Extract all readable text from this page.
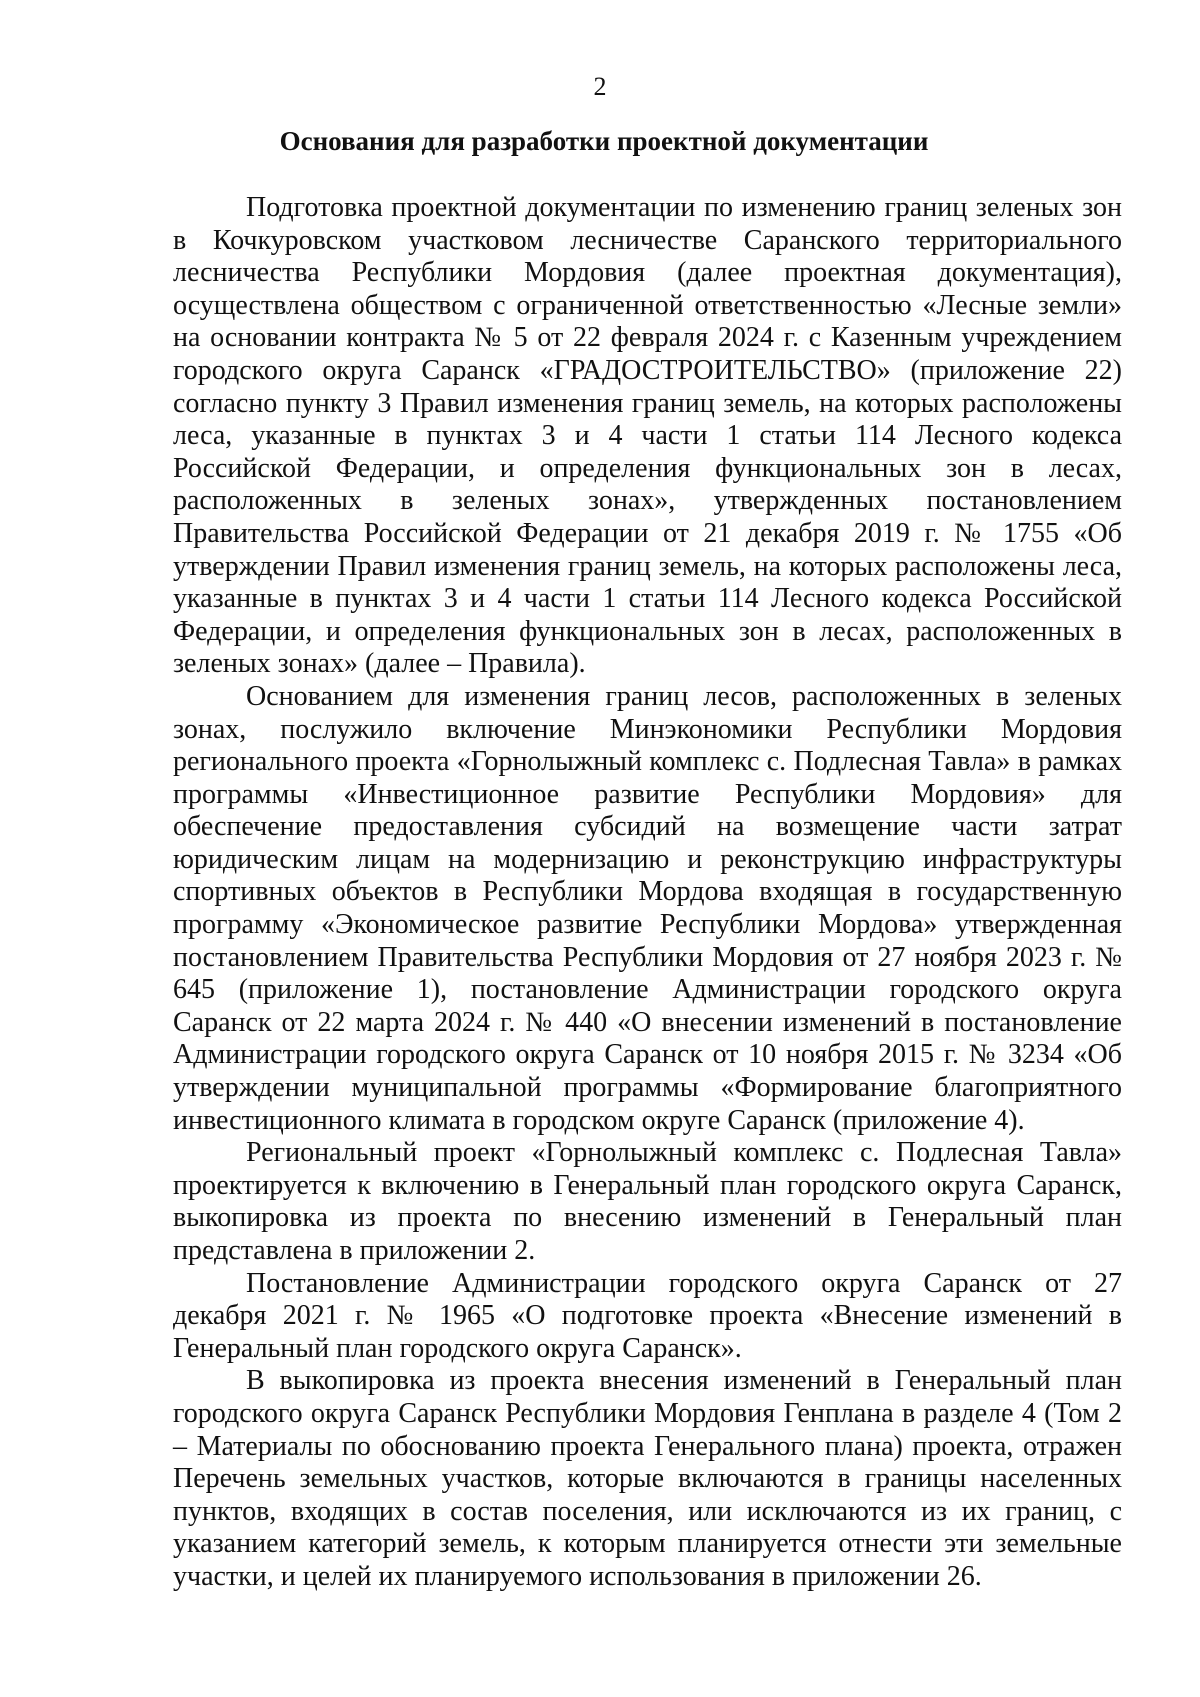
2
Основания для разработки проектной документации

Подготовка проектной документации по изменению границ зеленых зон в Кочкуровском участковом лесничестве Саранского территориального лесничества Республики Мордовия (далее проектная документация), осуществлена обществом с ограниченной ответственностью «Лесные земли» на основании контракта № 5 от 22 февраля 2024 г. с Казенным учреждением городского округа Саранск «ГРАДОСТРОИТЕЛЬСТВО» (приложение 22) согласно пункту 3 Правил изменения границ земель, на которых расположены леса, указанные в пунктах 3 и 4 части 1 статьи 114 Лесного кодекса Российской Федерации, и определения функциональных зон в лесах, расположенных в зеленых зонах», утвержденных постановлением Правительства Российской Федерации от 21 декабря 2019 г. № 1755 «Об утверждении Правил изменения границ земель, на которых расположены леса, указанные в пунктах 3 и 4 части 1 статьи 114 Лесного кодекса Российской Федерации, и определения функциональных зон в лесах, расположенных в зеленых зонах» (далее – Правила).

Основанием для изменения границ лесов, расположенных в зеленых зонах, послужило включение Минэкономики Республики Мордовия регионального проекта «Горнолыжный комплекс с. Подлесная Тавла» в рамках программы «Инвестиционное развитие Республики Мордовия» для обеспечение предоставления субсидий на возмещение части затрат юридическим лицам на модернизацию и реконструкцию инфраструктуры спортивных объектов в Республики Мордова входящая в государственную программу «Экономическое развитие Республики Мордова» утвержденная постановлением Правительства Республики Мордовия от 27 ноября 2023 г. № 645 (приложение 1), постановление Администрации городского округа Саранск от 22 марта 2024 г. № 440 «О внесении изменений в постановление Администрации городского округа Саранск от 10 ноября 2015 г. № 3234 «Об утверждении муниципальной программы «Формирование благоприятного инвестиционного климата в городском округе Саранск (приложение 4).

Региональный проект «Горнолыжный комплекс с. Подлесная Тавла» проектируется к включению в Генеральный план городского округа Саранск, выкопировка из проекта по внесению изменений в Генеральный план представлена в приложении 2.

Постановление Администрации городского округа Саранск от 27 декабря 2021 г. № 1965 «О подготовке проекта «Внесение изменений в Генеральный план городского округа Саранск».

В выкопировка из проекта внесения изменений в Генеральный план городского округа Саранск Республики Мордовия Генплана в разделе 4 (Том 2 – Материалы по обоснованию проекта Генерального плана) проекта, отражен Перечень земельных участков, которые включаются в границы населенных пунктов, входящих в состав поселения, или исключаются из их границ, с указанием категорий земель, к которым планируется отнести эти земельные участки, и целей их планируемого использования в приложении 26.
